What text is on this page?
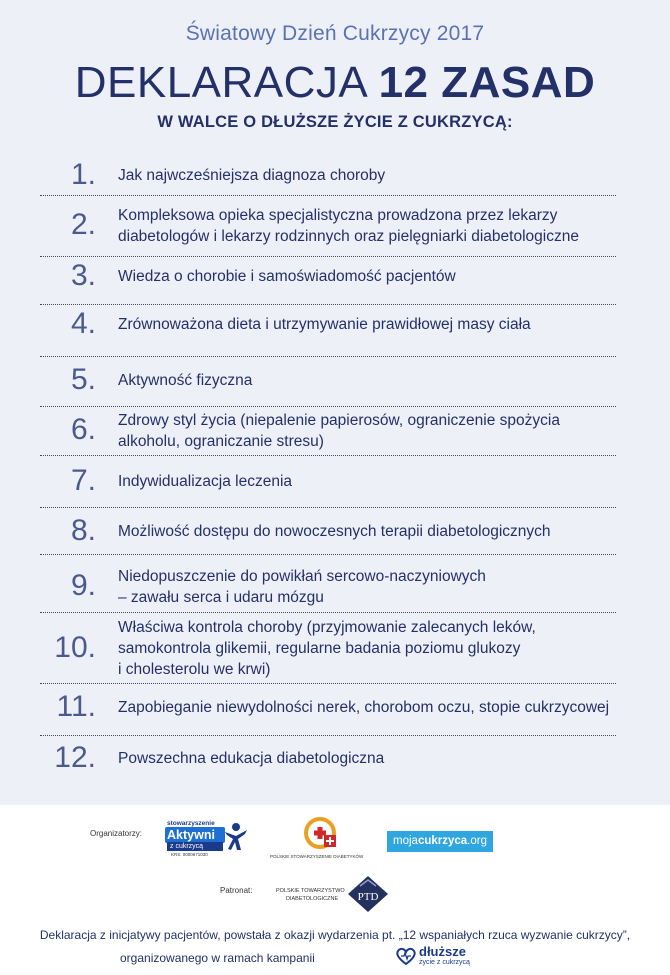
Światowy Dzień Cukrzycy 2017
DEKLARACJA 12 ZASAD
W WALCE O DŁUŻSZE ŻYCIE Z CUKRZYCĄ:
1. Jak najwcześniejsza diagnoza choroby
2. Kompleksowa opieka specjalistyczna prowadzona przez lekarzy
diabetologów i lekarzy rodzinnych oraz pielęgniarki diabetologiczne
3. Wiedza o chorobie i samoświadomość pacjentów
4. Zrównoważona dieta i utrzymywanie prawidłowej masy ciała
5. Aktywność fizyczna
6. Zdrowy styl życia (niepalenie papierosów, ograniczenie spożycia
alkoholu, ograniczanie stresu)
7. Indywidualizacja leczenia
8. Możliwość dostępu do nowoczesnych terapii diabetologicznych
9. Niedopuszczenie do powikłań sercowo-naczyniowych
– zawału serca i udaru mózgu
10.
Właściwa kontrola choroby (przyjmowanie zalecanych leków,
samokontrola glikemii, regularne badania poziomu glukozy
i cholesterolu we krwi)
11. Zapobieganie niewydolności nerek, chorobom oczu, stopie cukrzycowej
12. Powszechna edukacja diabetologiczna
Organizatorzy:
stowarzyszenie
Aktywni
z cukrzycą
KRS: 0000671030	POLSKIE STOWARZYSZENIE DIABETYKÓW
mojacukrzyca.org
Patronat:	POLSKIE TOWARZYSTWO
DIABETOLOGICZNE PTD
Deklaracja z inicjatywy pacjentów, powstała z okazji wydarzenia pt. „12 wspaniałych rzuca wyzwanie cukrzycy”,
organizowanego w ramach kampanii	dłuższe
życie z cukrzycą
